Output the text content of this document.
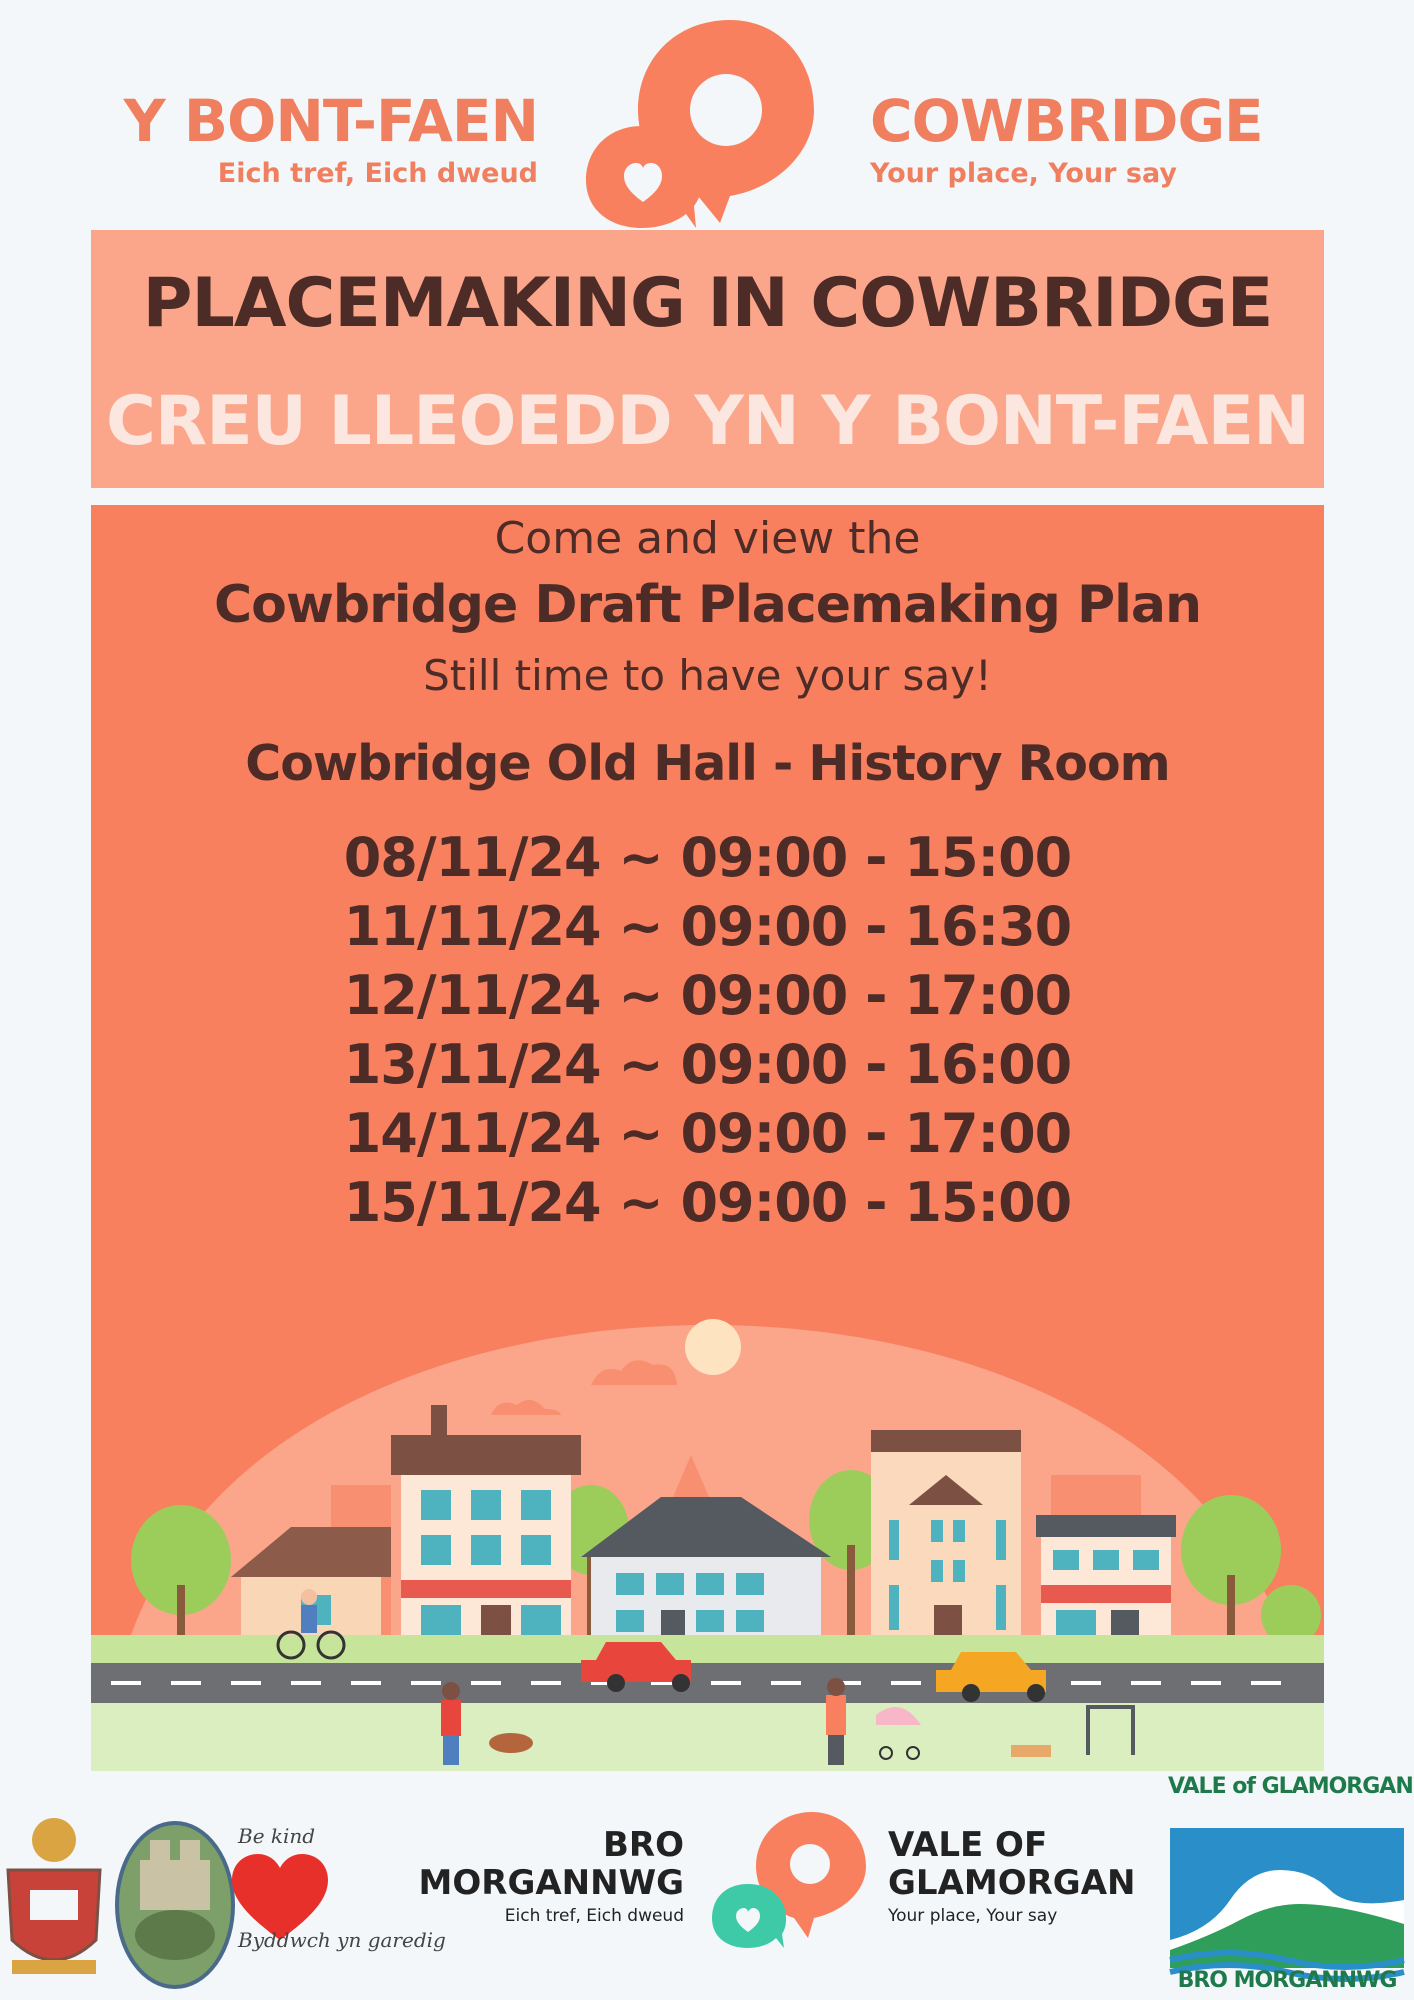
Y BONT-FAEN
Eich tref, Eich dweud
COWBRIDGE
Your place, Your say
PLACEMAKING IN COWBRIDGE
CREU LLEOEDD YN Y BONT-FAEN
Come and view the
Cowbridge Draft Placemaking Plan
Still time to have your say!
Cowbridge Old Hall - History Room
08/11/24 ~ 09:00 - 15:00
11/11/24 ~ 09:00 - 16:30
12/11/24 ~ 09:00 - 17:00
13/11/24 ~ 09:00 - 16:00
14/11/24 ~ 09:00 - 17:00
15/11/24 ~ 09:00 - 15:00
Be kind
Byddwch yn garedig
BRO
MORGANNWG
Eich tref, Eich dweud
VALE OF
GLAMORGAN
Your place, Your say
VALE of GLAMORGAN
BRO MORGANNWG
